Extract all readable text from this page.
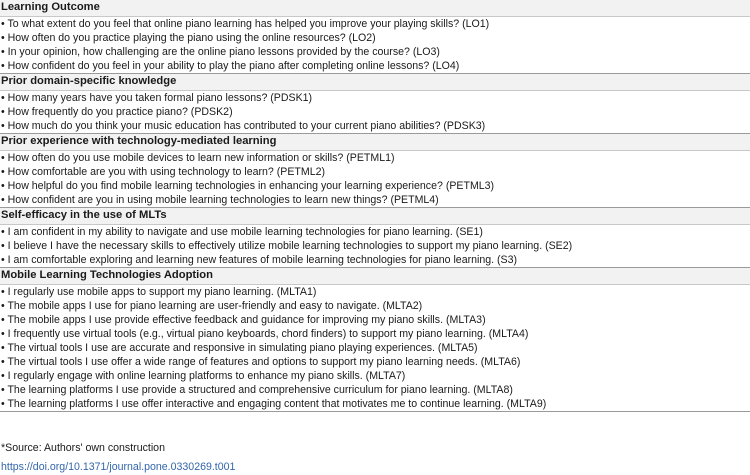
Learning Outcome
• To what extent do you feel that online piano learning has helped you improve your playing skills? (LO1)
• How often do you practice playing the piano using the online resources? (LO2)
• In your opinion, how challenging are the online piano lessons provided by the course? (LO3)
• How confident do you feel in your ability to play the piano after completing online lessons? (LO4)
Prior domain-specific knowledge
• How many years have you taken formal piano lessons? (PDSK1)
• How frequently do you practice piano? (PDSK2)
• How much do you think your music education has contributed to your current piano abilities? (PDSK3)
Prior experience with technology-mediated learning
• How often do you use mobile devices to learn new information or skills? (PETML1)
• How comfortable are you with using technology to learn? (PETML2)
• How helpful do you find mobile learning technologies in enhancing your learning experience? (PETML3)
• How confident are you in using mobile learning technologies to learn new things? (PETML4)
Self-efficacy in the use of MLTs
• I am confident in my ability to navigate and use mobile learning technologies for piano learning. (SE1)
• I believe I have the necessary skills to effectively utilize mobile learning technologies to support my piano learning. (SE2)
• I am comfortable exploring and learning new features of mobile learning technologies for piano learning. (S3)
Mobile Learning Technologies Adoption
• I regularly use mobile apps to support my piano learning. (MLTA1)
• The mobile apps I use for piano learning are user-friendly and easy to navigate. (MLTA2)
• The mobile apps I use provide effective feedback and guidance for improving my piano skills. (MLTA3)
• I frequently use virtual tools (e.g., virtual piano keyboards, chord finders) to support my piano learning. (MLTA4)
• The virtual tools I use are accurate and responsive in simulating piano playing experiences. (MLTA5)
• The virtual tools I use offer a wide range of features and options to support my piano learning needs. (MLTA6)
• I regularly engage with online learning platforms to enhance my piano skills. (MLTA7)
• The learning platforms I use provide a structured and comprehensive curriculum for piano learning. (MLTA8)
• The learning platforms I use offer interactive and engaging content that motivates me to continue learning. (MLTA9)
*Source: Authors' own construction
https://doi.org/10.1371/journal.pone.0330269.t001
